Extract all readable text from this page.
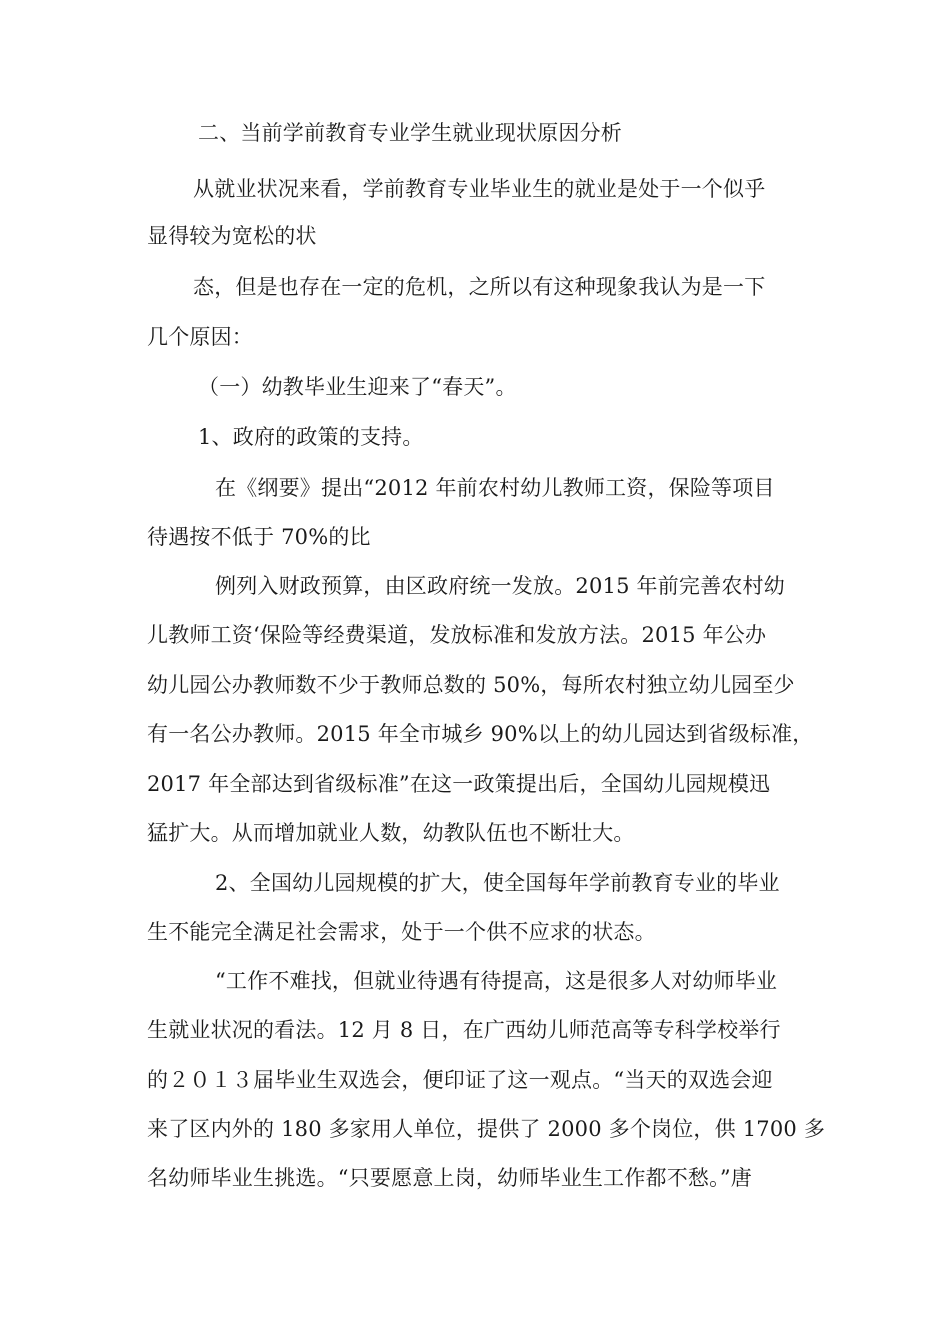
二、当前学前教育专业学生就业现状原因分析
从就业状况来看，学前教育专业毕业生的就业是处于一个似乎
显得较为宽松的状
态，但是也存在一定的危机，之所以有这种现象我认为是一下
几个原因：
（一）幼教毕业生迎来了“春天”。
1、政府的政策的支持。
在《纲要》提出“2012 年前农村幼儿教师工资，保险等项目
待遇按不低于 70%的比
例列入财政预算，由区政府统一发放。2015 年前完善农村幼
儿教师工资‘保险等经费渠道，发放标准和发放方法。2015 年公办
幼儿园公办教师数不少于教师总数的 50%，每所农村独立幼儿园至少
有一名公办教师。2015 年全市城乡 90%以上的幼儿园达到省级标准，
2017 年全部达到省级标准”在这一政策提出后，全国幼儿园规模迅
猛扩大。从而增加就业人数，幼教队伍也不断壮大。
2、全国幼儿园规模的扩大，使全国每年学前教育专业的毕业
生不能完全满足社会需求，处于一个供不应求的状态。
“工作不难找，但就业待遇有待提高，这是很多人对幼师毕业
生就业状况的看法。12 月 8 日，在广西幼儿师范高等专科学校举行
的２０１３届毕业生双选会，便印证了这一观点。“当天的双选会迎
来了区内外的 180 多家用人单位，提供了 2000 多个岗位，供 1700 多
名幼师毕业生挑选。“只要愿意上岗，幼师毕业生工作都不愁。”唐
